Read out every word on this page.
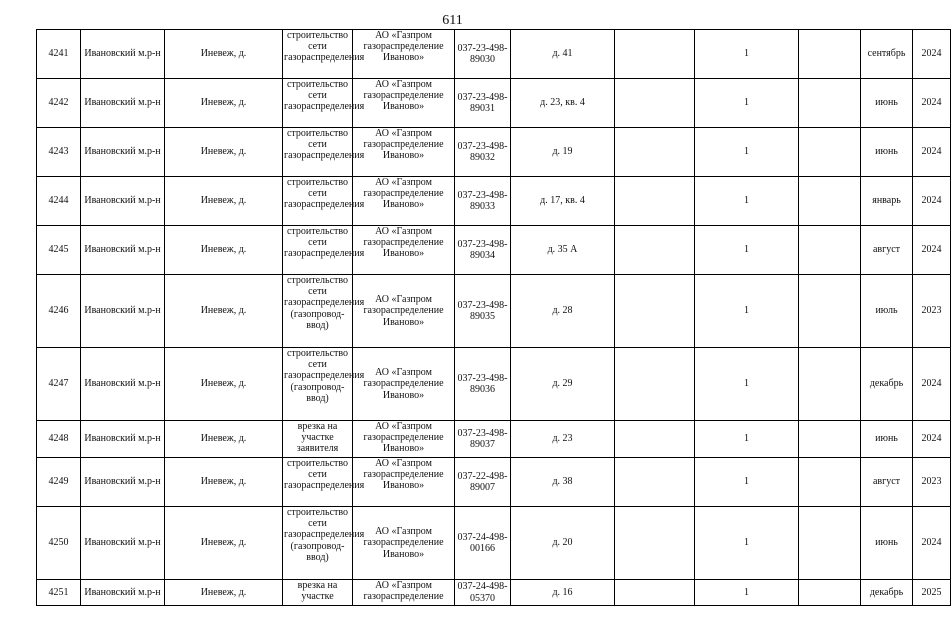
611
4241	Ивановский м.р-н	Иневеж, д.	строительство сети газораспределения	АО «Газпром газораспределение Иваново»	037-23-498-89030	д. 41		1		сентябрь	2024
4242	Ивановский м.р-н	Иневеж, д.	строительство сети газораспределения	АО «Газпром газораспределение Иваново»	037-23-498-89031	д. 23, кв. 4		1		июнь	2024
4243	Ивановский м.р-н	Иневеж, д.	строительство сети газораспределения	АО «Газпром газораспределение Иваново»	037-23-498-89032	д. 19		1		июнь	2024
4244	Ивановский м.р-н	Иневеж, д.	строительство сети газораспределения	АО «Газпром газораспределение Иваново»	037-23-498-89033	д. 17, кв. 4		1		январь	2024
4245	Ивановский м.р-н	Иневеж, д.	строительство сети газораспределения	АО «Газпром газораспределение Иваново»	037-23-498-89034	д. 35 А		1		август	2024
4246	Ивановский м.р-н	Иневеж, д.	строительство сети газораспределения (газопровод-ввод)	АО «Газпром газораспределение Иваново»	037-23-498-89035	д. 28		1		июль	2023
4247	Ивановский м.р-н	Иневеж, д.	строительство сети газораспределения (газопровод-ввод)	АО «Газпром газораспределение Иваново»	037-23-498-89036	д. 29		1		декабрь	2024
4248	Ивановский м.р-н	Иневеж, д.	врезка на участке заявителя	АО «Газпром газораспределение Иваново»	037-23-498-89037	д. 23		1		июнь	2024
4249	Ивановский м.р-н	Иневеж, д.	строительство сети газораспределения	АО «Газпром газораспределение Иваново»	037-22-498-89007	д. 38		1		август	2023
4250	Ивановский м.р-н	Иневеж, д.	строительство сети газораспределения (газопровод-ввод)	АО «Газпром газораспределение Иваново»	037-24-498-00166	д. 20		1		июнь	2024
4251	Ивановский м.р-н	Иневеж, д.	врезка на участке	АО «Газпром газораспределение	037-24-498-05370	д. 16		1		декабрь	2025
